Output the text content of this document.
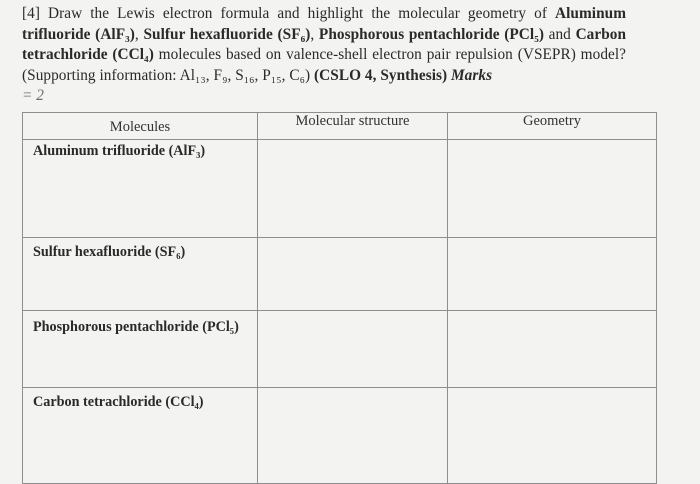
[4] Draw the Lewis electron formula and highlight the molecular geometry of Aluminum trifluoride (AlF₃), Sulfur hexafluoride (SF₆), Phosphorous pentachloride (PCl₅) and Carbon tetrachloride (CCl₄) molecules based on valence-shell electron pair repulsion (VSEPR) model? (Supporting information: Al₁₃, F₉, S₁₆, P₁₅, C₆) (CSLO 4, Synthesis) Marks
= 2
Molecules	Molecular structure	Geometry

Aluminum trifluoride (AlF₃)		

Sulfur hexafluoride (SF₆)		

Phosphorous pentachloride (PCl₅)		

Carbon tetrachloride (CCl₄)		
